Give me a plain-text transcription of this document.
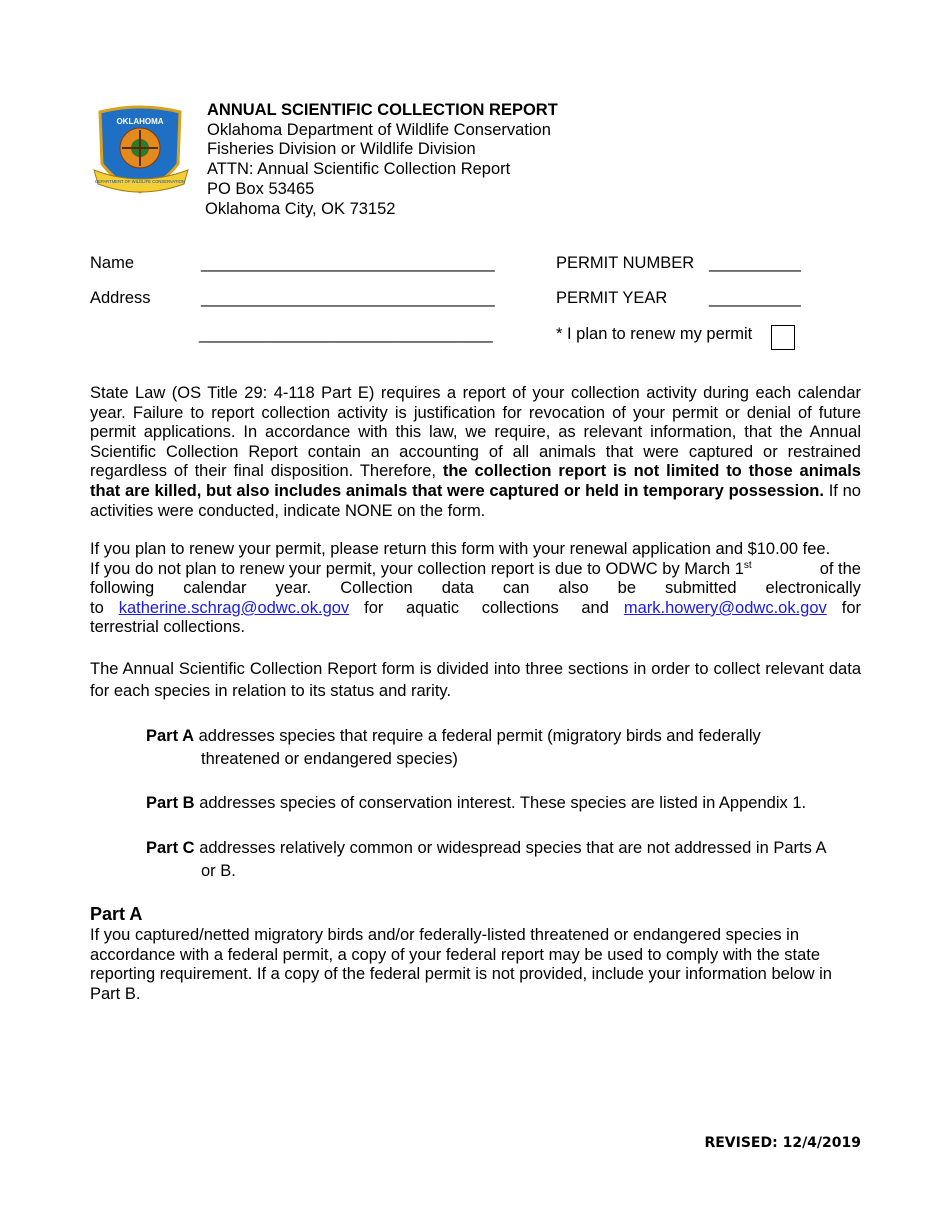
OKLAHOMA
DEPARTMENT OF WILDLIFE CONSERVATION
ANNUAL SCIENTIFIC COLLECTION REPORT
Oklahoma Department of Wildlife Conservation
Fisheries Division or Wildlife Division
ATTN: Annual Scientific Collection Report
PO Box 53465
Oklahoma City, OK 73152
Name	________________________________
Address	________________________________
________________________________
PERMIT NUMBER __________
PERMIT YEAR	__________
* I plan to renew my permit
State Law (OS Title 29: 4-118 Part E) requires a report of your collection activity during each calendar year. Failure to report collection activity is justification for revocation of your permit or denial of future permit applications. In accordance with this law, we require, as relevant information, that the Annual Scientific Collection Report contain an accounting of all animals that were captured or restrained regardless of their final disposition. Therefore, the collection report is not limited to those animals that are killed, but also includes animals that were captured or held in temporary possession. If no activities were conducted, indicate NONE on the form.
If you plan to renew your permit, please return this form with your renewal application and $10.00 fee.
If you do not plan to renew your permit, your collection report is due to ODWC by March 1st	of the
following calendar year. Collection data can also be submitted electronically
to katherine.schrag@odwc.ok.gov for aquatic collections and mark.howery@odwc.ok.gov for
terrestrial collections.
The Annual Scientific Collection Report form is divided into three sections in order to collect relevant data for each species in relation to its status and rarity.
Part A addresses species that require a federal permit (migratory birds and federally
threatened or endangered species)
Part B addresses species of conservation interest. These species are listed in Appendix 1.
Part C addresses relatively common or widespread species that are not addressed in Parts A
or B.
Part A
If you captured/netted migratory birds and/or federally-listed threatened or endangered species in accordance with a federal permit, a copy of your federal report may be used to comply with the state reporting requirement. If a copy of the federal permit is not provided, include your information below in Part B.
REVISED: 12/4/2019
